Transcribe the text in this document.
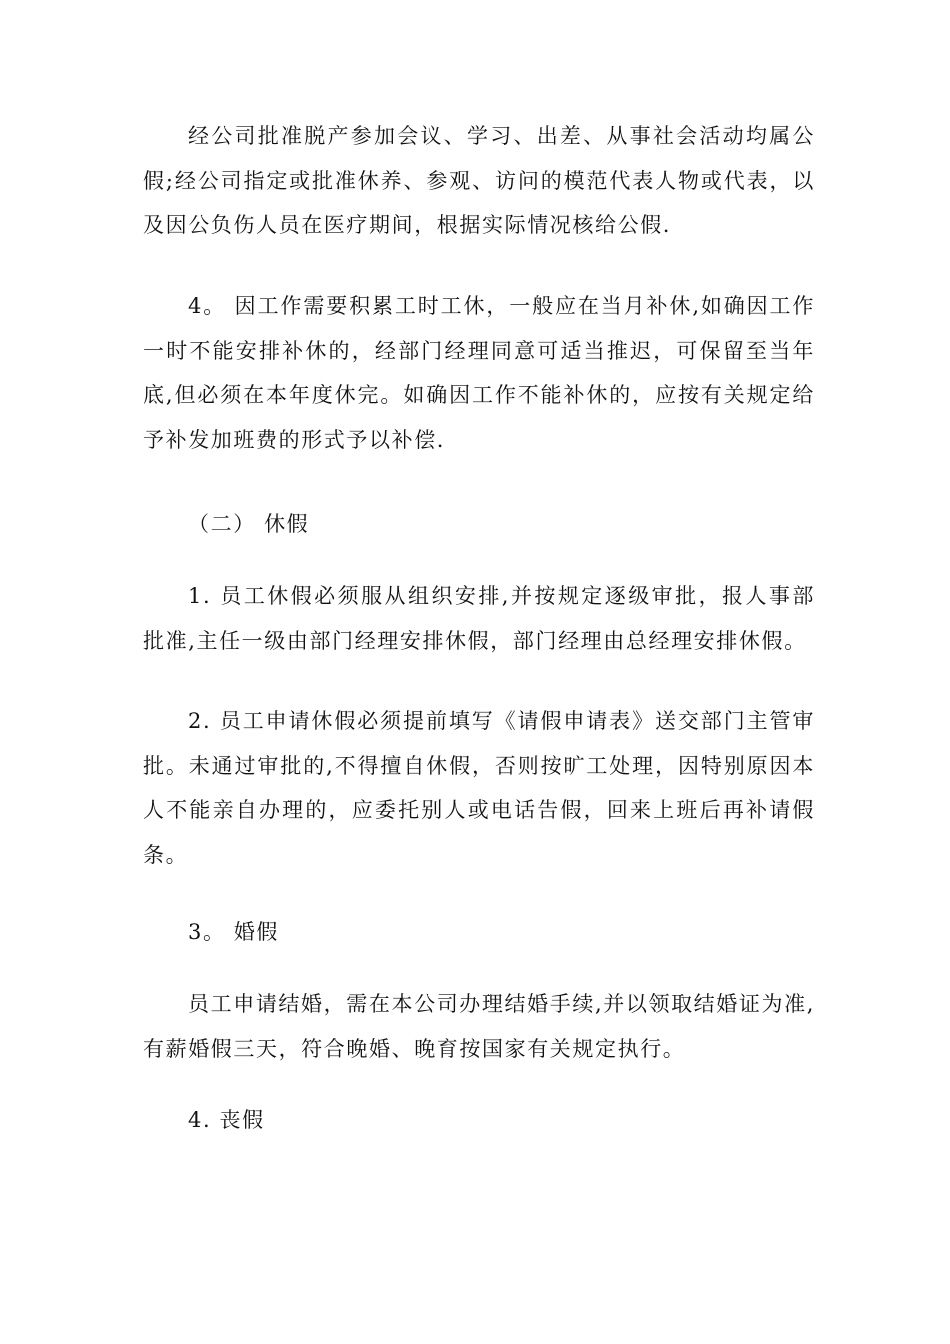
经公司批准脱产参加会议、学习、出差、从事社会活动均属公假;经公司指定或批准休养、参观、访问的模范代表人物或代表，以及因公负伤人员在医疗期间，根据实际情况核给公假.

4。 因工作需要积累工时工休，一般应在当月补休,如确因工作一时不能安排补休的，经部门经理同意可适当推迟，可保留至当年底,但必须在本年度休完。如确因工作不能补休的，应按有关规定给予补发加班费的形式予以补偿.

（二） 休假

1. 员工休假必须服从组织安排,并按规定逐级审批，报人事部批准,主任一级由部门经理安排休假，部门经理由总经理安排休假。

2. 员工申请休假必须提前填写《请假申请表》送交部门主管审批。未通过审批的,不得擅自休假，否则按旷工处理，因特别原因本人不能亲自办理的，应委托别人或电话告假，回来上班后再补请假条。

3。 婚假

员工申请结婚，需在本公司办理结婚手续,并以领取结婚证为准,有薪婚假三天，符合晚婚、晚育按国家有关规定执行。

4. 丧假
